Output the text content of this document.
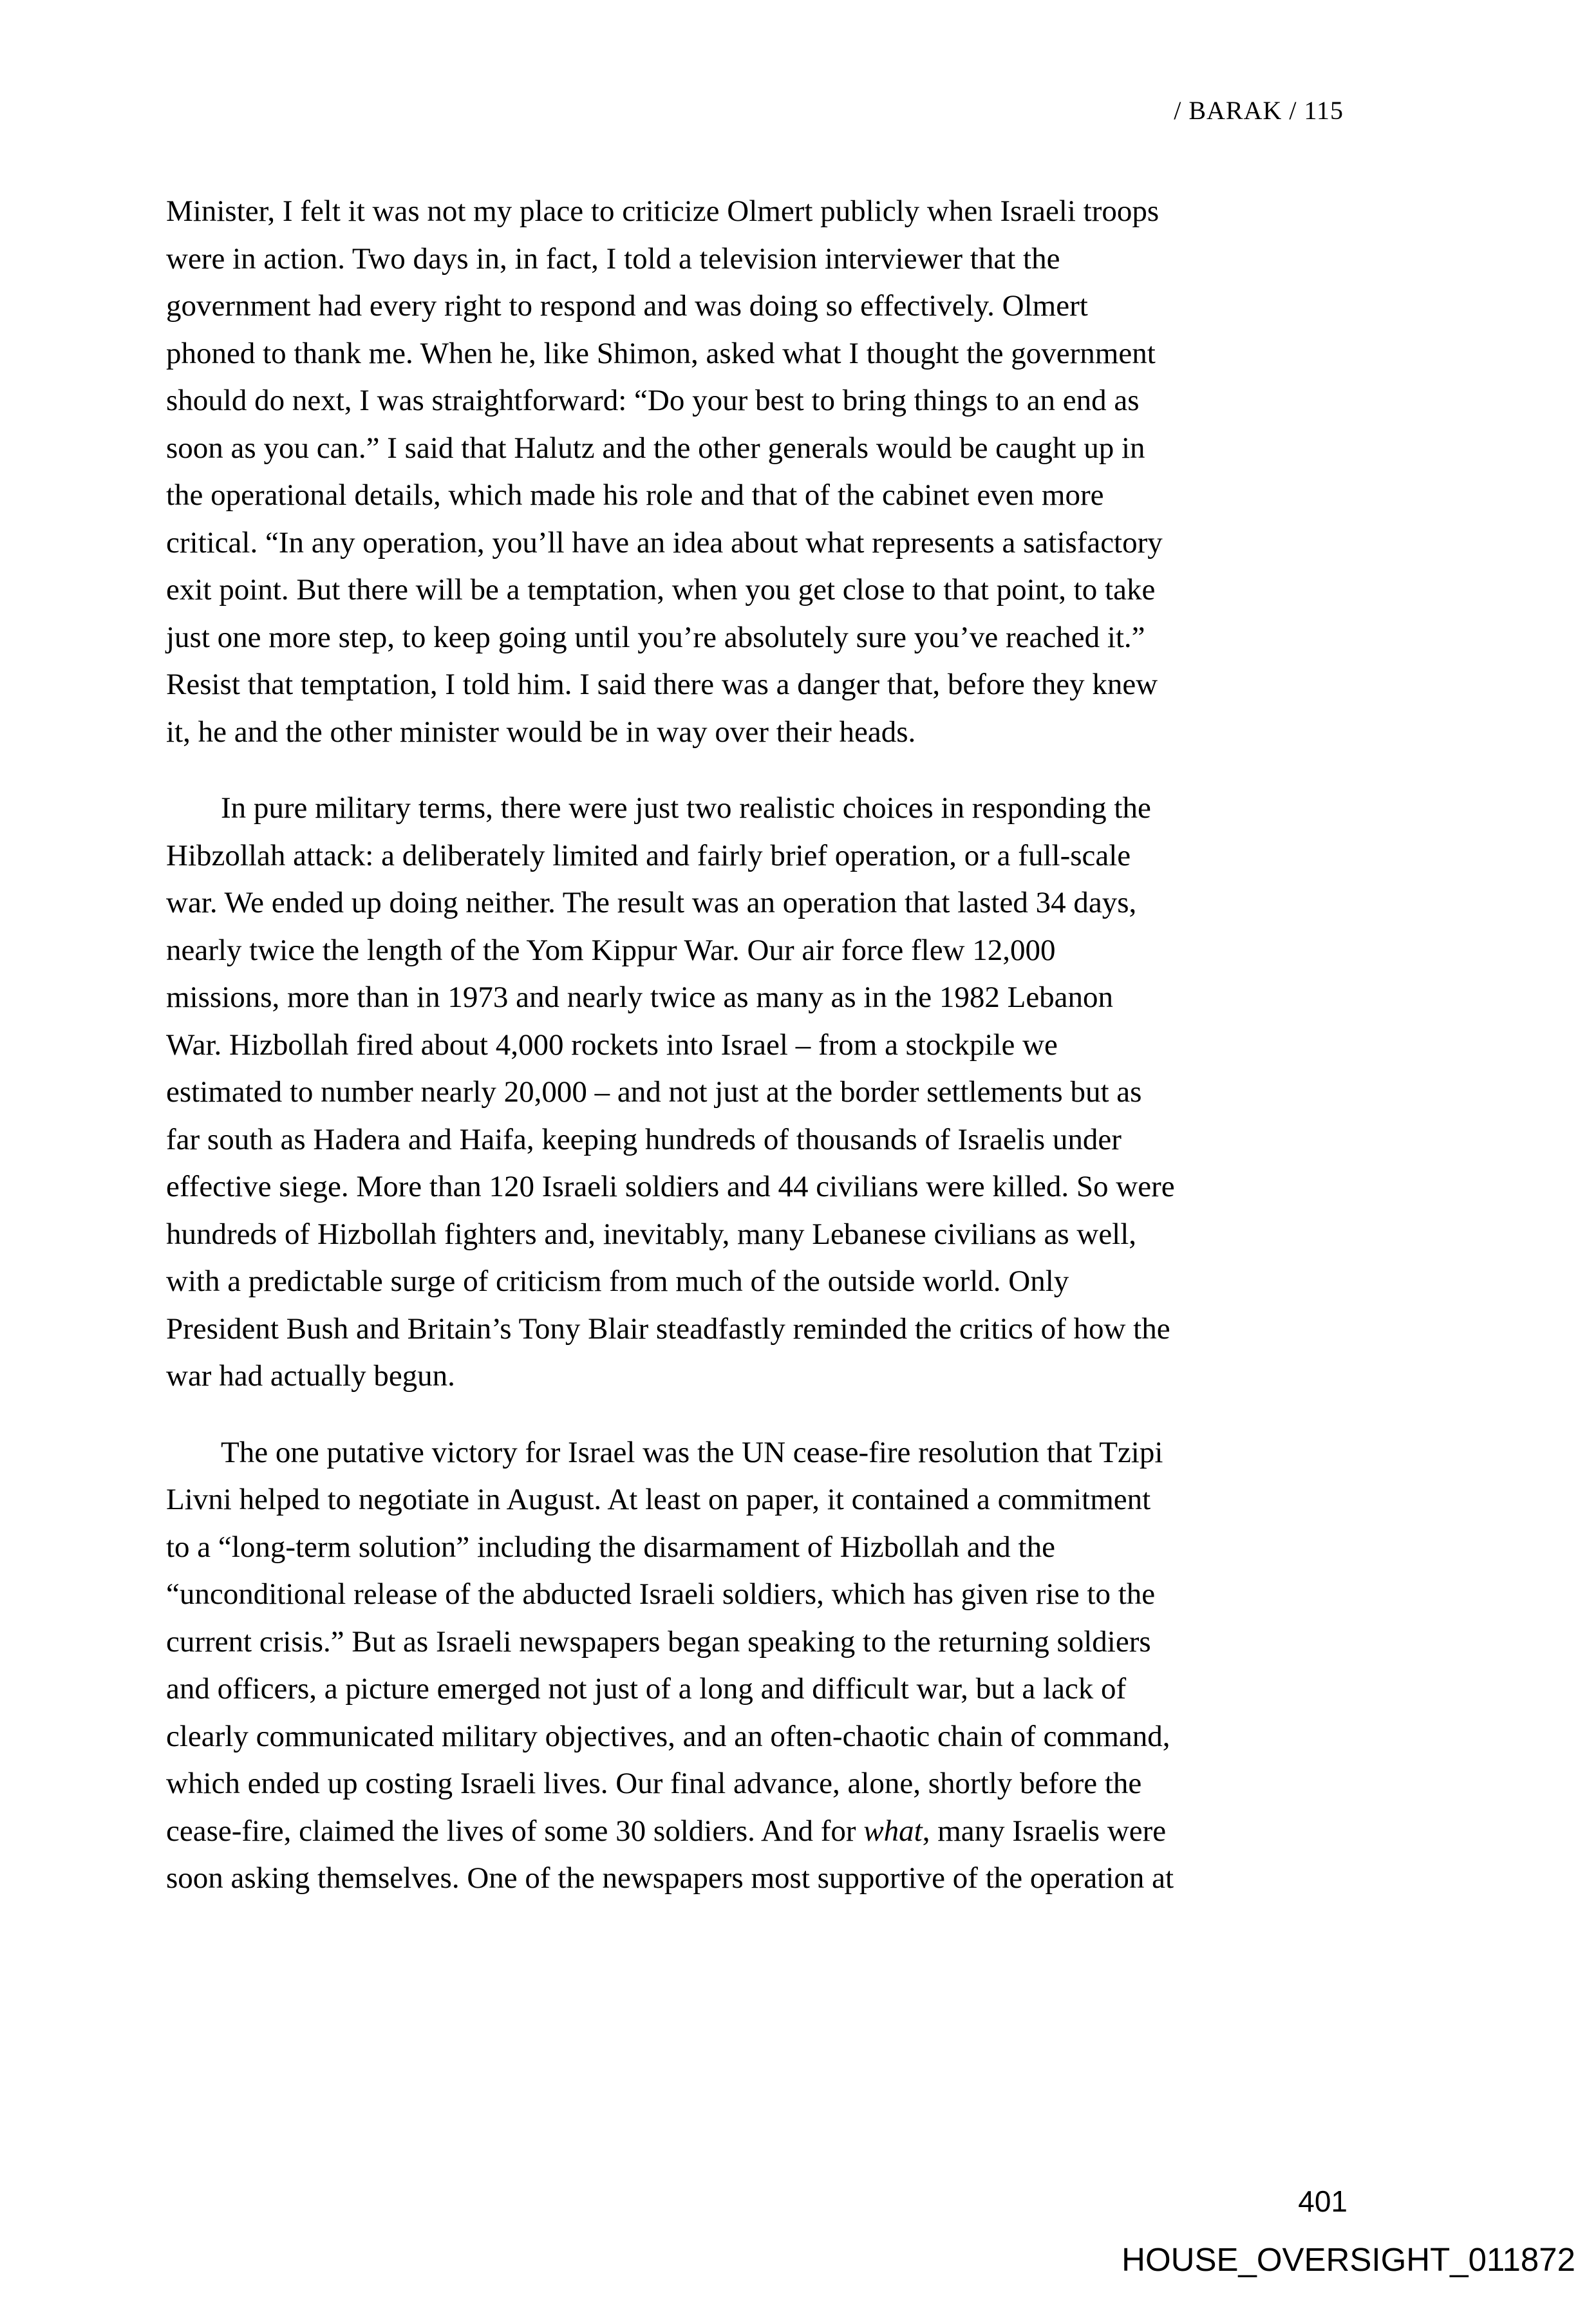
/ BARAK / 115
Minister, I felt it was not my place to criticize Olmert publicly when Israeli troops
were in action. Two days in, in fact, I told a television interviewer that the
government had every right to respond and was doing so effectively. Olmert
phoned to thank me. When he, like Shimon, asked what I thought the government
should do next, I was straightforward: “Do your best to bring things to an end as
soon as you can.” I said that Halutz and the other generals would be caught up in
the operational details, which made his role and that of the cabinet even more
critical. “In any operation, you’ll have an idea about what represents a satisfactory
exit point. But there will be a temptation, when you get close to that point, to take
just one more step, to keep going until you’re absolutely sure you’ve reached it.”
Resist that temptation, I told him. I said there was a danger that, before they knew
it, he and the other minister would be in way over their heads.
In pure military terms, there were just two realistic choices in responding the
Hibzollah attack: a deliberately limited and fairly brief operation, or a full-scale
war. We ended up doing neither. The result was an operation that lasted 34 days,
nearly twice the length of the Yom Kippur War. Our air force flew 12,000
missions, more than in 1973 and nearly twice as many as in the 1982 Lebanon
War. Hizbollah fired about 4,000 rockets into Israel – from a stockpile we
estimated to number nearly 20,000 – and not just at the border settlements but as
far south as Hadera and Haifa, keeping hundreds of thousands of Israelis under
effective siege. More than 120 Israeli soldiers and 44 civilians were killed. So were
hundreds of Hizbollah fighters and, inevitably, many Lebanese civilians as well,
with a predictable surge of criticism from much of the outside world. Only
President Bush and Britain’s Tony Blair steadfastly reminded the critics of how the
war had actually begun.
The one putative victory for Israel was the UN cease-fire resolution that Tzipi
Livni helped to negotiate in August. At least on paper, it contained a commitment
to a “long-term solution” including the disarmament of Hizbollah and the
“unconditional release of the abducted Israeli soldiers, which has given rise to the
current crisis.” But as Israeli newspapers began speaking to the returning soldiers
and officers, a picture emerged not just of a long and difficult war, but a lack of
clearly communicated military objectives, and an often-chaotic chain of command,
which ended up costing Israeli lives. Our final advance, alone, shortly before the
cease-fire, claimed the lives of some 30 soldiers. And for what, many Israelis were
soon asking themselves. One of the newspapers most supportive of the operation at
401
HOUSE_OVERSIGHT_011872
